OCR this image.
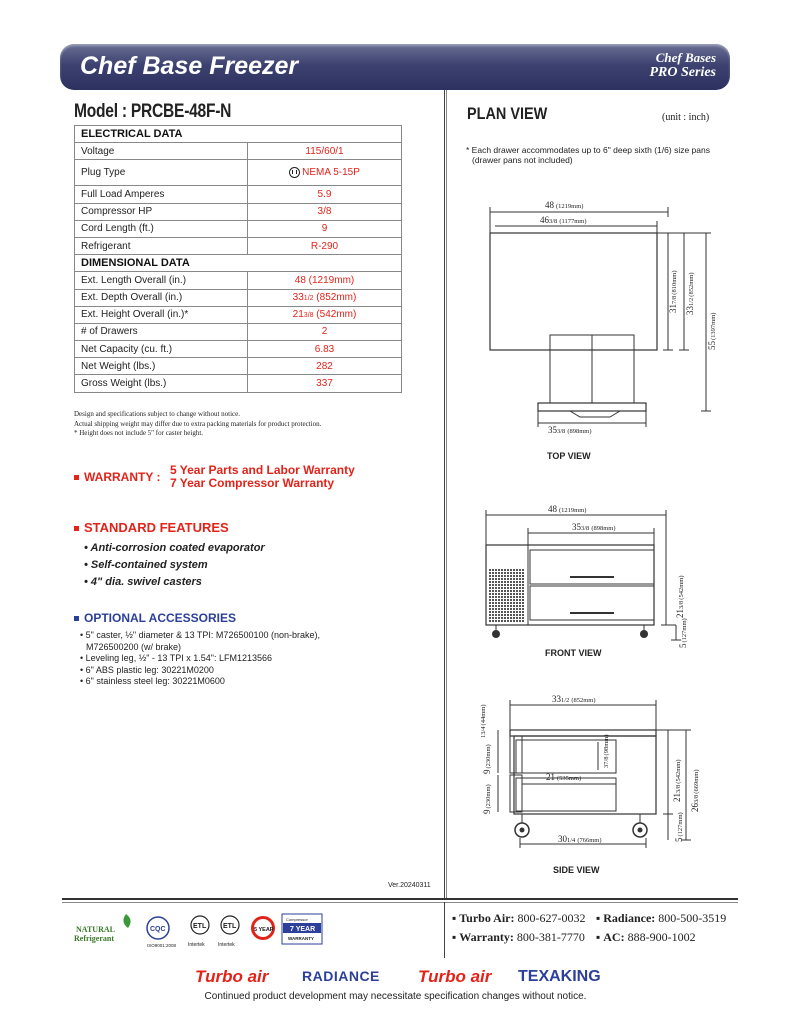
Chef Base Freezer	Chef Bases
PRO Series
Model : PRCBE-48F-N
ELECTRICAL DATA	
Voltage	115/60/1
Plug Type	NEMA 5-15P
Full Load Amperes	5.9
Compressor HP	3/8
Cord Length (ft.)	9
Refrigerant	R-290
DIMENSIONAL DATA	
Ext. Length Overall (in.)	48 (1219mm)
Ext. Depth Overall (in.)	331/2 (852mm)
Ext. Height Overall (in.)*	213/8 (542mm)
# of Drawers	2
Net Capacity (cu. ft.)	6.83
Net Weight (lbs.)	282
Gross Weight (lbs.)	337
Design and specifications subject to change without notice.
Actual shipping weight may differ due to extra packing materials for product protection.
* Height does not include 5" for caster height.
WARRANTY : 5 Year Parts and Labor Warranty
7 Year Compressor Warranty
STANDARD FEATURES
• Anti-corrosion coated evaporator
• Self-contained system
• 4" dia. swivel casters
OPTIONAL ACCESSORIES
• 5" caster, ½" diameter & 13 TPI: M726500100 (non-brake),
M726500200 (w/ brake)
• Leveling leg, ½" - 13 TPI x 1.54": LFM1213566
• 6" ABS plastic leg: 30221M0200
• 6" stainless steel leg: 30221M0600
Ver.20240311
PLAN VIEW	(unit : inch)
* Each drawer accommodates up to 6" deep sixth (1/6) size pans
(drawer pans not included)
48 (1219mm)
463/8 (1177mm)
317/8(810mm)
331/2(852mm)
55(1397mm)
353/8 (898mm)
TOP VIEW
48 (1219mm)
353/8 (898mm)
213/8(542mm)
5(127mm)
FRONT VIEW
331/2 (852mm)
13/4(44mm)
9(230mm)	37/8(98mm)
21 (535mm)
9(230mm)	213/8(542mm)
263/8(669mm)
5(127mm)
301/4 (766mm)
SIDE VIEW
NATURAL
Refrigerant
CQC
ISO9001:2008
ETL
Intertek
ETL
Intertek
5 YEAR
Compressor
7 YEAR
WARRANTY
▪ Turbo Air: 800-627-0032 ▪ Radiance: 800-500-3519
▪ Warranty: 800-381-7770 ▪ AC: 888-900-1002
Turbo air RADIANCE Turbo air TEXAKING
Continued product development may necessitate specification changes without notice.
